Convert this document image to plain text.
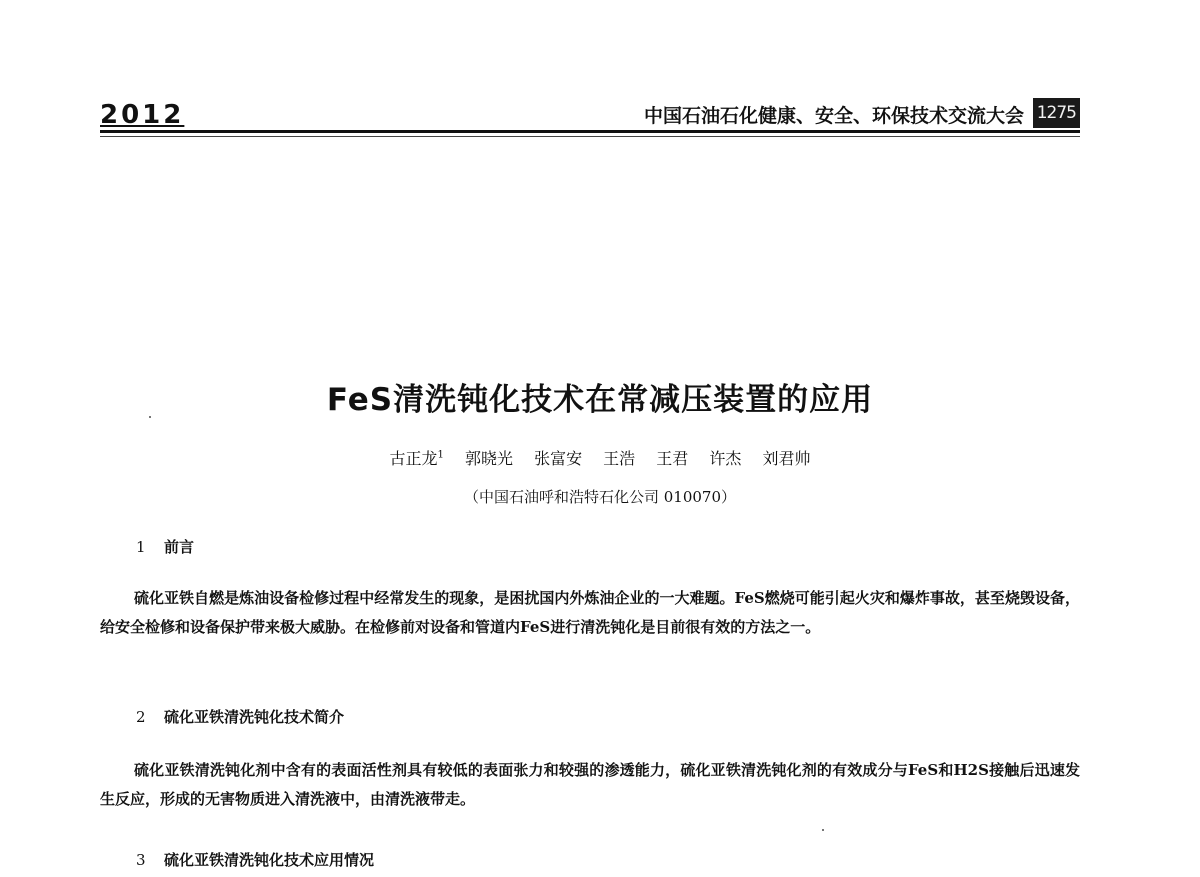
2012	中国石油石化健康、安全、环保技术交流大会 1275
FeS清洗钝化技术在常减压装置的应用
古正龙$^1$ 郭晓光 张富安 王浩 王君 许杰 刘君帅
（中国石油呼和浩特石化公司 010070）
1 前言
硫化亚铁自燃是炼油设备检修过程中经常发生的现象，是困扰国内外炼油企业的一大难题。FeS燃烧可能引起火灾和爆炸事故，甚至烧毁设备，给安全检修和设备保护带来极大威胁。在检修前对设备和管道内FeS进行清洗钝化是目前很有效的方法之一。
2 硫化亚铁清洗钝化技术简介
硫化亚铁清洗钝化剂中含有的表面活性剂具有较低的表面张力和较强的渗透能力，硫化亚铁清洗钝化剂的有效成分与FeS和H2S接触后迅速发生反应，形成的无害物质进入清洗液中，由清洗液带走。
3 硫化亚铁清洗钝化技术应用情况
